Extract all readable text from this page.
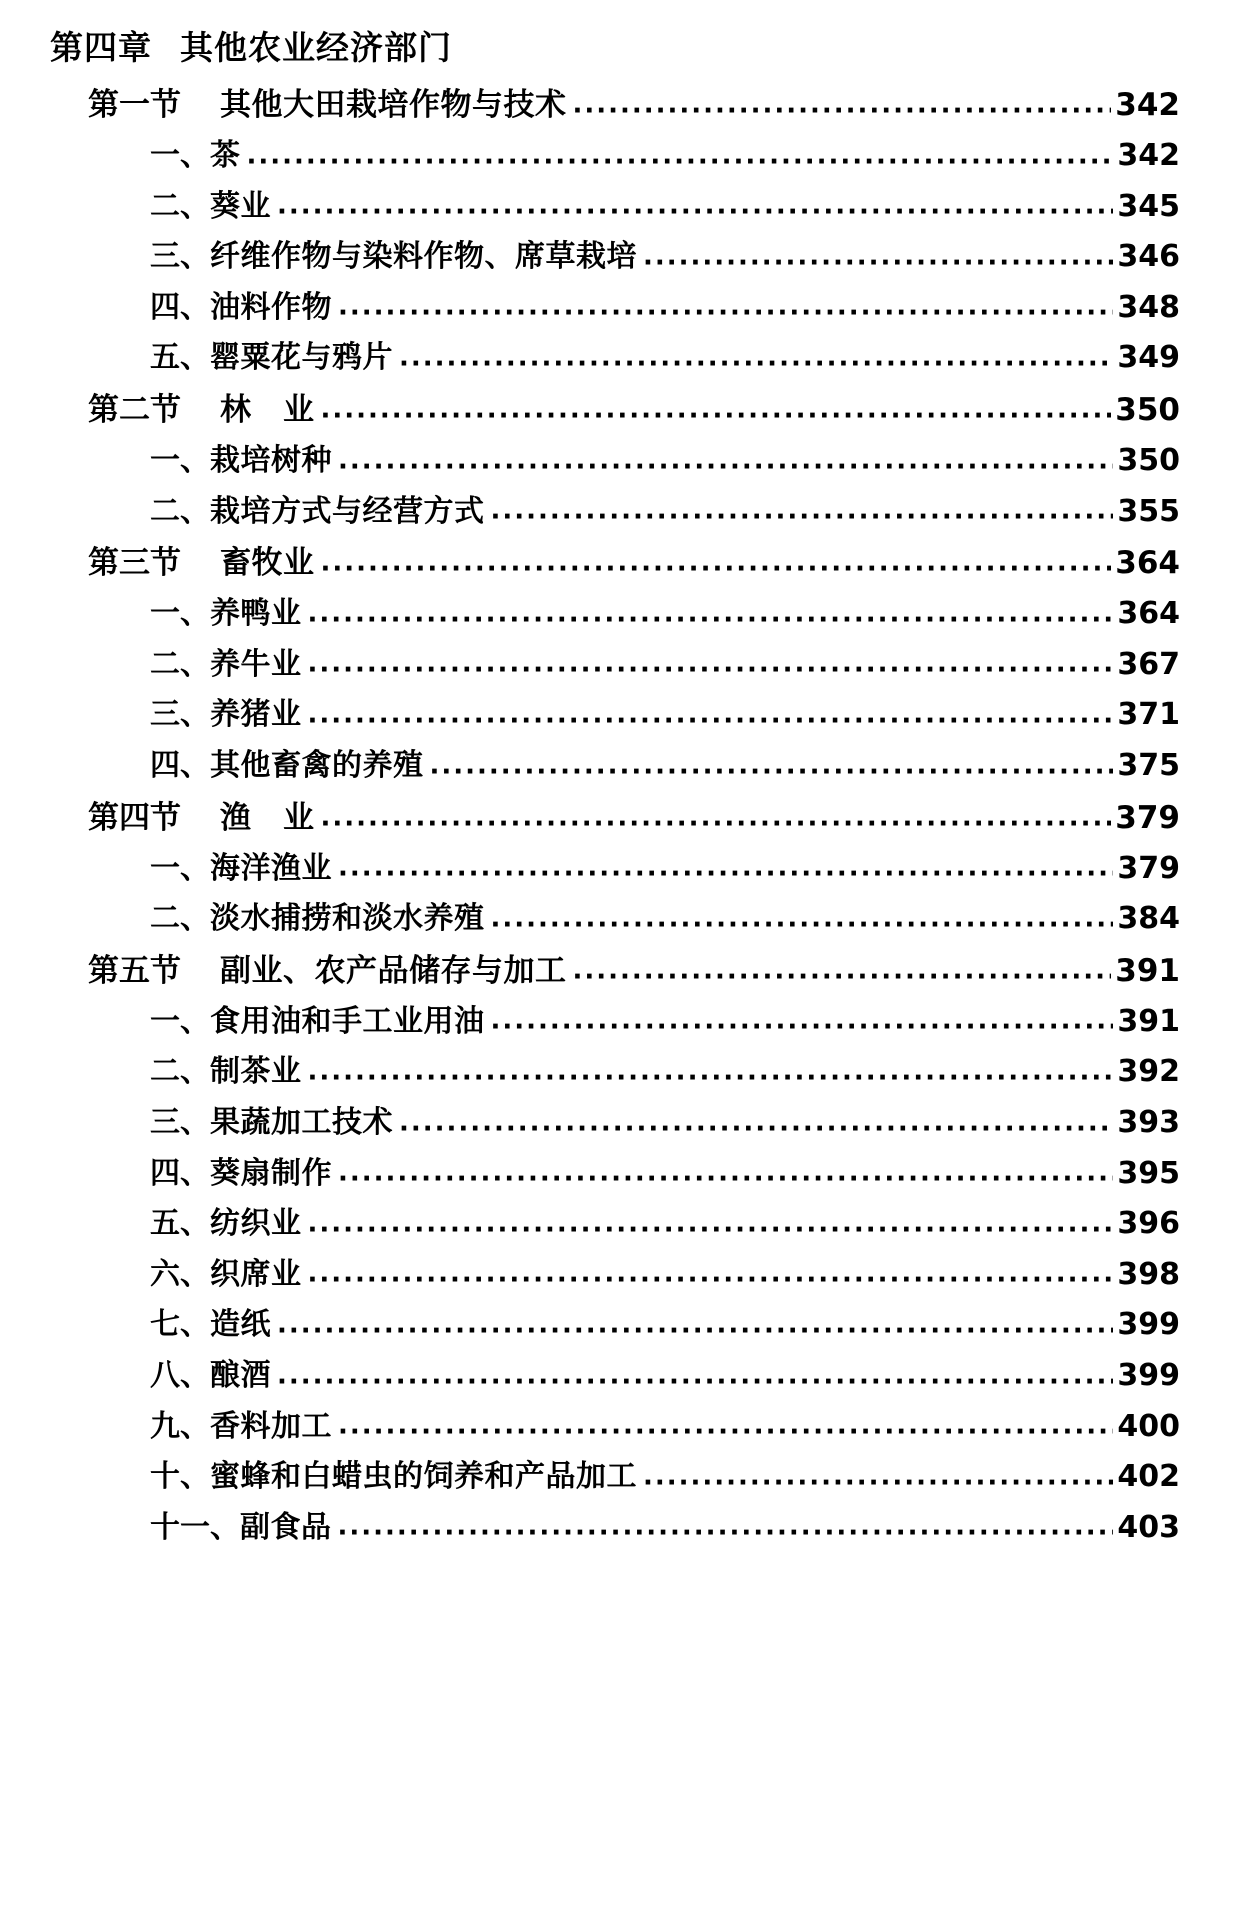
第四章 其他农业经济部门
第一节	其他大田栽培作物与技术 ·····	342
一、 茶 ·····	342
二、 葵业 ·····	345
三、 纤维作物与染料作物、席草栽培 ·····	346
四、 油料作物 ·····	348
五、 罂粟花与鸦片 ·····	349
第二节	林　业 ·····	350
一、 栽培树种 ·····	350
二、 栽培方式与经营方式 ·····	355
第三节	畜牧业 ·····	364
一、 养鸭业 ·····	364
二、 养牛业 ·····	367
三、 养猪业 ·····	371
四、 其他畜禽的养殖 ·····	375
第四节	渔　业 ·····	379
一、 海洋渔业 ·····	379
二、 淡水捕捞和淡水养殖 ·····	384
第五节	副业、农产品储存与加工 ·····	391
一、 食用油和手工业用油 ·····	391
二、 制茶业 ·····	392
三、 果蔬加工技术 ·····	393
四、 葵扇制作 ·····	395
五、 纺织业 ·····	396
六、 织席业 ·····	398
七、 造纸 ·····	399
八、 酿酒 ·····	399
九、 香料加工 ·····	400
十、 蜜蜂和白蜡虫的饲养和产品加工 ·····	402
十一、 副食品 ·····	403
